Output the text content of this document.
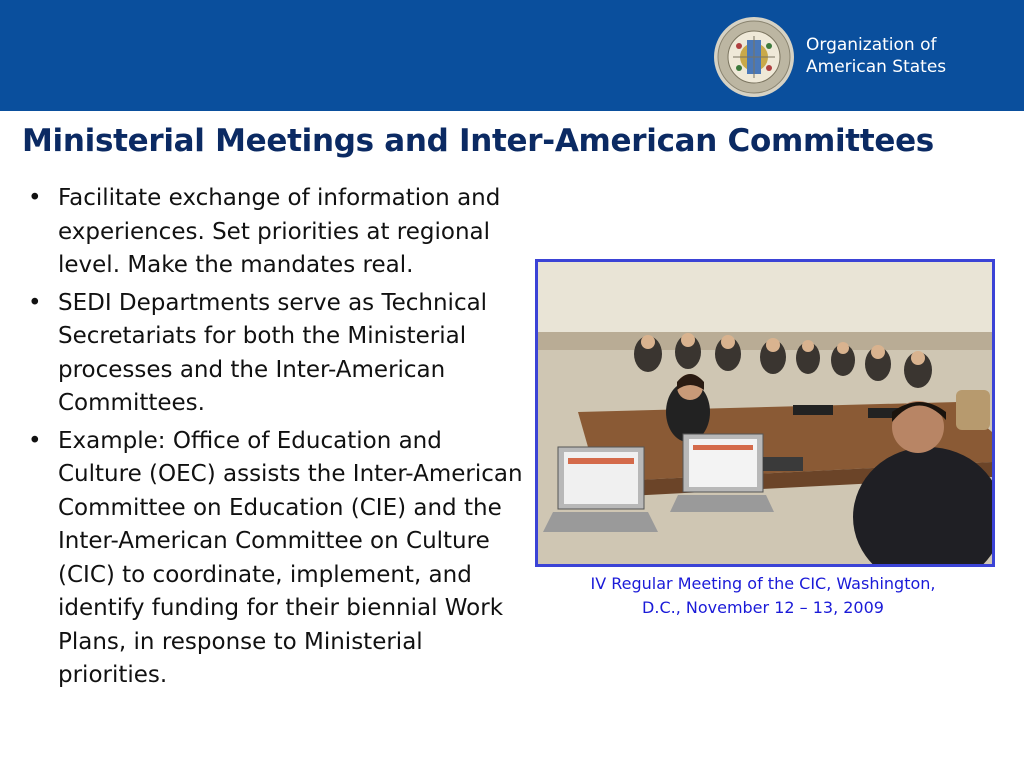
Organization of
American States
Ministerial Meetings and Inter-American Committees
• Facilitate exchange of information and experiences. Set priorities at regional level. Make the mandates real.
• SEDI Departments serve as Technical Secretariats for both the Ministerial processes and the Inter-American Committees.
• Example: Office of Education and Culture (OEC) assists the Inter-American Committee on Education (CIE) and the Inter-American Committee on Culture (CIC) to coordinate, implement, and identify funding for their biennial Work Plans, in response to Ministerial priorities.
IV Regular Meeting of the CIC, Washington,
D.C., November 12 – 13, 2009
